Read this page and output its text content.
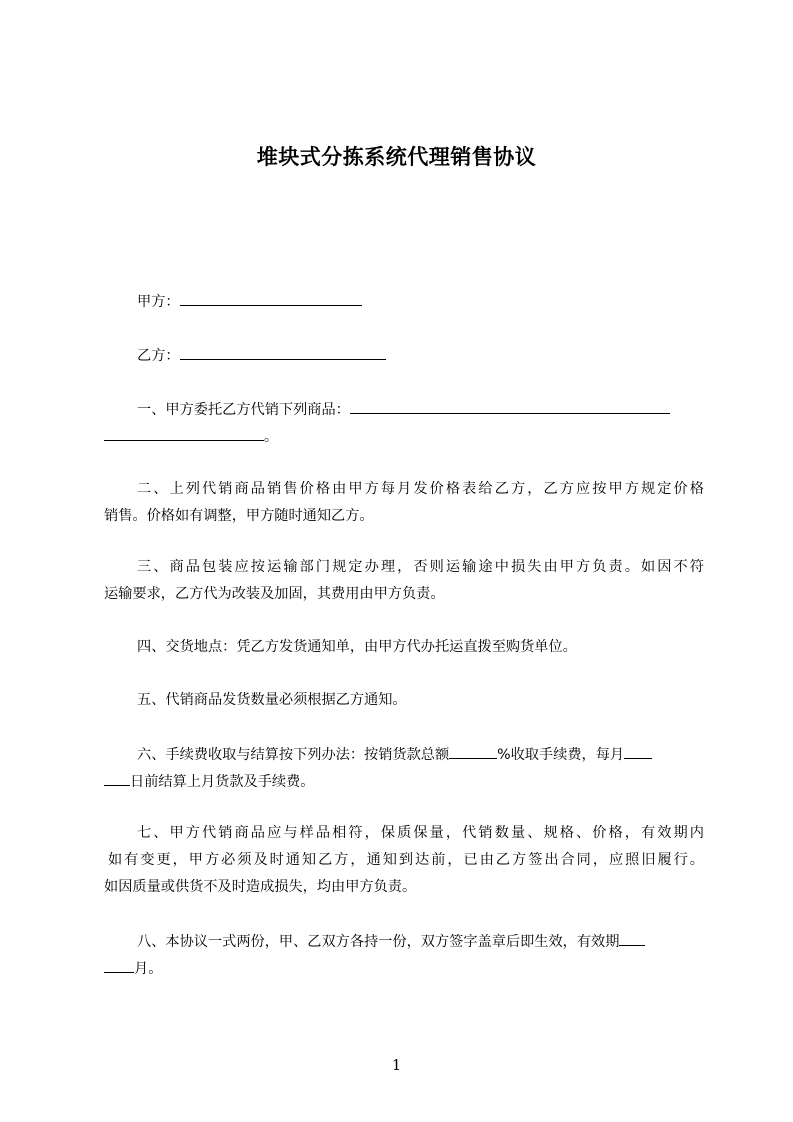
堆块式分拣系统代理销售协议
甲方：
乙方：
一、甲方委托乙方代销下列商品：
。
二、上列代销商品销售价格由甲方每月发价格表给乙方，乙方应按甲方规定价格
销售。价格如有调整，甲方随时通知乙方。
三、商品包装应按运输部门规定办理，否则运输途中损失由甲方负责。如因不符
运输要求，乙方代为改装及加固，其费用由甲方负责。
四、交货地点：凭乙方发货通知单，由甲方代办托运直拨至购货单位。
五、代销商品发货数量必须根据乙方通知。
六、手续费收取与结算按下列办法：按销货款总额	%收取手续费，每月
日前结算上月货款及手续费。
七、甲方代销商品应与样品相符，保质保量，代销数量、规格、价格，有效期内
如有变更，甲方必须及时通知乙方，通知到达前，已由乙方签出合同，应照旧履行。
如因质量或供货不及时造成损失，均由甲方负责。
八、本协议一式两份，甲、乙双方各持一份，双方签字盖章后即生效，有效期
月。
1
